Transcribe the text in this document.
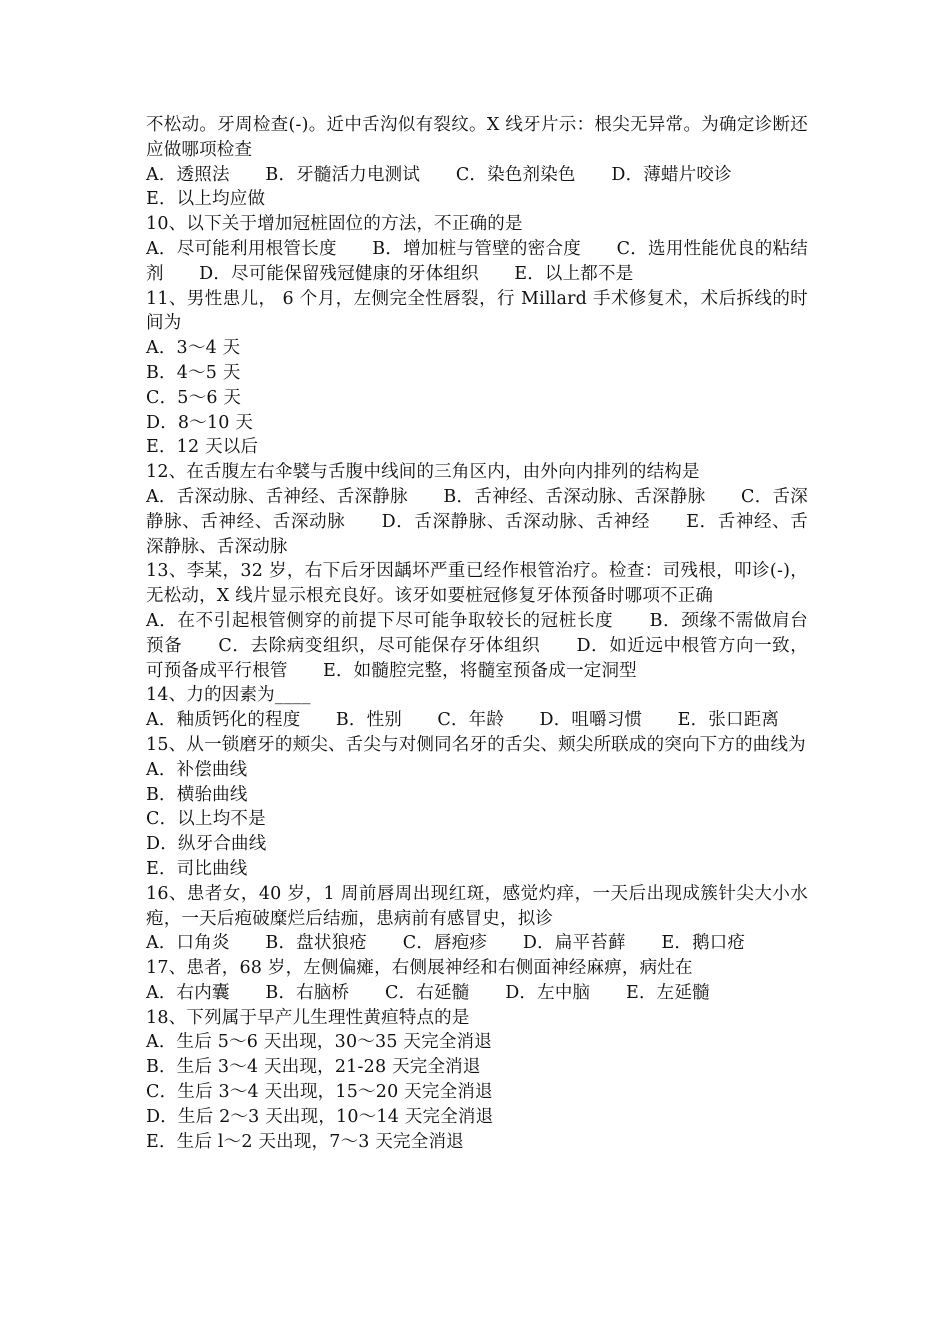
不松动。牙周检查(-)。近中舌沟似有裂纹。X 线牙片示：根尖无异常。为确定诊断还应做哪项检查
A．透照法 B．牙髓活力电测试 C．染色剂染色 D．薄蜡片咬诊
E．以上均应做
10、以下关于增加冠桩固位的方法，不正确的是
A．尽可能利用根管长度　　B．增加桩与管壁的密合度　　C．选用性能优良的粘结剂　　D．尽可能保留残冠健康的牙体组织　　E．以上都不是
11、男性患儿， 6 个月，左侧完全性唇裂，行 Millard 手术修复术，术后拆线的时间为
A．3～4 天
B．4～5 天
C．5～6 天
D．8～10 天
E．12 天以后
12、在舌腹左右伞襞与舌腹中线间的三角区内，由外向内排列的结构是
A．舌深动脉、舌神经、舌深静脉　　B．舌神经、舌深动脉、舌深静脉　　C．舌深静脉、舌神经、舌深动脉　　D．舌深静脉、舌深动脉、舌神经　　E．舌神经、舌深静脉、舌深动脉
13、李某，32 岁，右下后牙因龋坏严重已经作根管治疗。检查：司残根，叩诊(-)，无松动，X 线片显示根充良好。该牙如要桩冠修复牙体预备时哪项不正确
A．在不引起根管侧穿的前提下尽可能争取较长的冠桩长度　　B．颈缘不需做肩台预备　　C．去除病变组织，尽可能保存牙体组织　　D．如近远中根管方向一致，可预备成平行根管　　E．如髓腔完整，将髓室预备成一定洞型
14、力的因素为____
A．釉质钙化的程度　　B．性别　　C．年龄　　D．咀嚼习惯　　E．张口距离
15、从一锁磨牙的颊尖、舌尖与对侧同名牙的舌尖、颊尖所联成的突向下方的曲线为
A．补偿曲线
B．横骀曲线
C．以上均不是
D．纵牙合曲线
E．司比曲线
16、患者女，40 岁，1 周前唇周出现红斑，感觉灼痒，一天后出现成簇针尖大小水疱，一天后疱破糜烂后结痂，患病前有感冒史，拟诊
A．口角炎 B．盘状狼疮 C．唇疱疹 D．扁平苔藓 E．鹅口疮
17、患者，68 岁，左侧偏瘫，右侧展神经和右侧面神经麻痹，病灶在
A．右内囊 B．右脑桥 C．右延髓 D．左中脑 E．左延髓
18、下列属于早产儿生理性黄疸特点的是
A．生后 5～6 天出现，30～35 天完全消退
B．生后 3～4 天出现，21-28 天完全消退
C．生后 3～4 天出现，15～20 天完全消退
D．生后 2～3 天出现，10～14 天完全消退
E．生后 l～2 天出现，7～3 天完全消退
